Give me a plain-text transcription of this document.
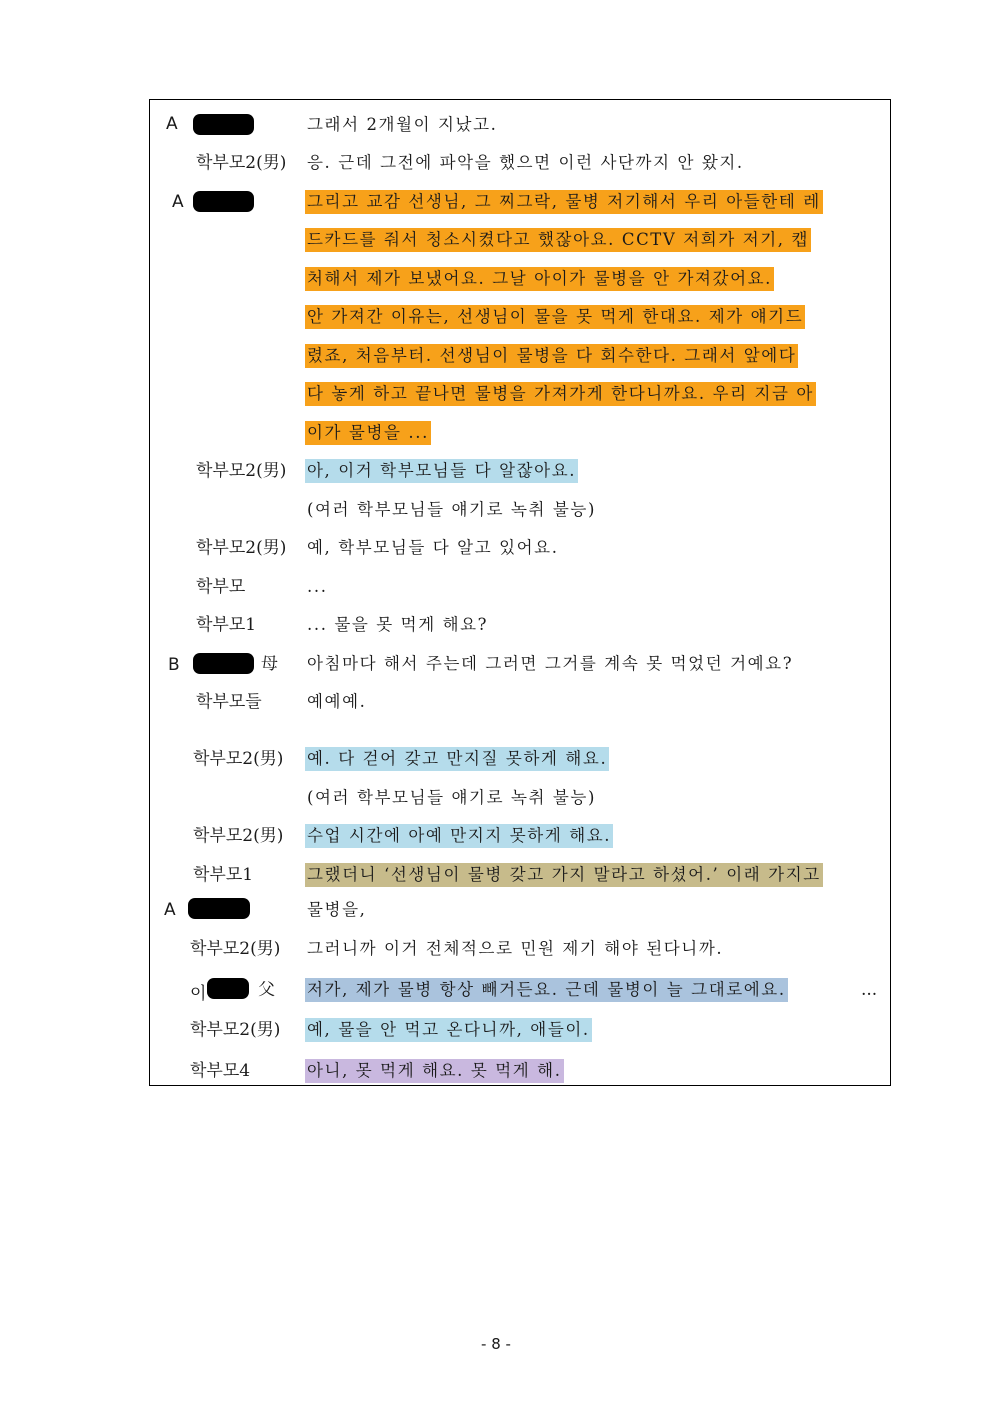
A	그래서 2개월이 지났고.
학부모2(男) 응. 근데 그전에 파악을 했으면 이런 사단까지 안 왔지.
A	그리고 교감 선생님, 그 찌그락, 물병 저기해서 우리 아들한테 레
드카드를 줘서 청소시켰다고 했잖아요. CCTV 저희가 저기, 캡
처해서 제가 보냈어요. 그날 아이가 물병을 안 가져갔어요.
안 가져간 이유는, 선생님이 물을 못 먹게 한대요. 제가 얘기드
렸죠, 처음부터. 선생님이 물병을 다 회수한다. 그래서 앞에다
다 놓게 하고 끝나면 물병을 가져가게 한다니까요. 우리 지금 아
이가 물병을 ...
학부모2(男) 아, 이거 학부모님들 다 알잖아요.
(여러 학부모님들 얘기로 녹취 불능)
학부모2(男) 예, 학부모님들 다 알고 있어요.
학부모	...
학부모1	... 물을 못 먹게 해요?
B	母 아침마다 해서 주는데 그러면 그거를 계속 못 먹었던 거예요?
학부모들	예예예.
학부모2(男) 예. 다 걷어 갖고 만지질 못하게 해요.
(여러 학부모님들 얘기로 녹취 불능)
학부모2(男) 수업 시간에 아예 만지지 못하게 해요.
학부모1	그랬더니 ‘선생님이 물병 갖고 가지 말라고 하셨어.’ 이래 가지고
A	물병을,
학부모2(男) 그러니까 이거 전체적으로 민원 제기 해야 된다니까.
이	父 저가, 제가 물병 항상 빼거든요. 근데 물병이 늘 그대로에요.	...
학부모2(男) 예, 물을 안 먹고 온다니까, 애들이.
학부모4	아니, 못 먹게 해요. 못 먹게 해.
- 8 -
